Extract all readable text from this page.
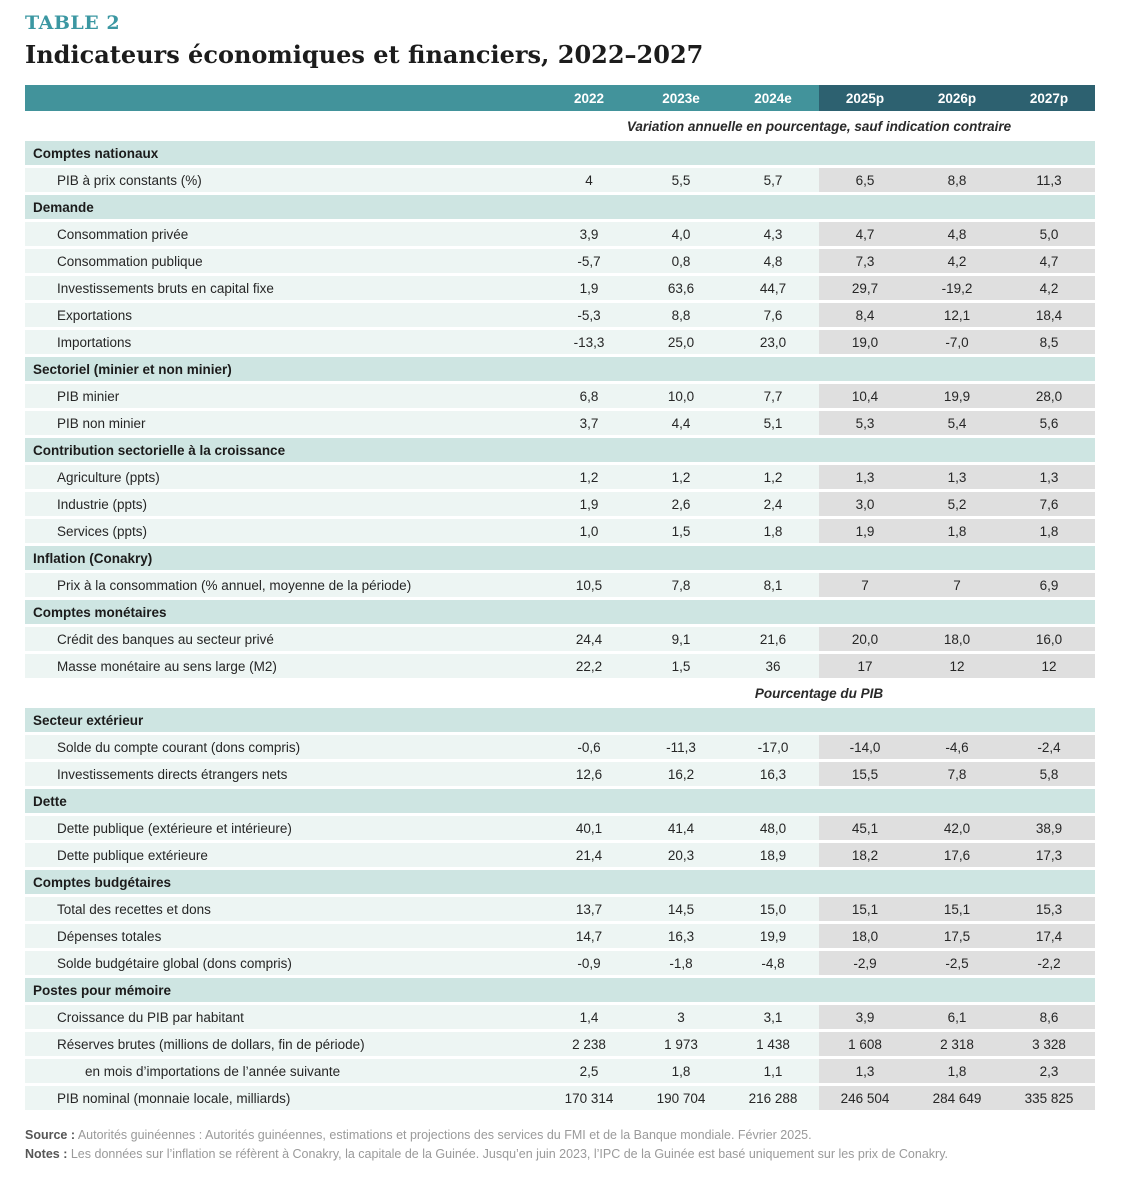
TABLE 2
Indicateurs économiques et financiers, 2022–2027
2022	2023e	2024e	2025p	2026p	2027p
Variation annuelle en pourcentage, sauf indication contraire
Comptes nationaux
PIB à prix constants (%)	4	5,5	5,7	6,5	8,8	11,3
Demande
Consommation privée	3,9	4,0	4,3	4,7	4,8	5,0
Consommation publique	-5,7	0,8	4,8	7,3	4,2	4,7
Investissements bruts en capital fixe	1,9	63,6	44,7	29,7	-19,2	4,2
Exportations	-5,3	8,8	7,6	8,4	12,1	18,4
Importations	-13,3	25,0	23,0	19,0	-7,0	8,5
Sectoriel (minier et non minier)
PIB minier	6,8	10,0	7,7	10,4	19,9	28,0
PIB non minier	3,7	4,4	5,1	5,3	5,4	5,6
Contribution sectorielle à la croissance
Agriculture (ppts)	1,2	1,2	1,2	1,3	1,3	1,3
Industrie (ppts)	1,9	2,6	2,4	3,0	5,2	7,6
Services (ppts)	1,0	1,5	1,8	1,9	1,8	1,8
Inflation (Conakry)
Prix à la consommation (% annuel, moyenne de la période)	10,5	7,8	8,1	7	7	6,9
Comptes monétaires
Crédit des banques au secteur privé	24,4	9,1	21,6	20,0	18,0	16,0
Masse monétaire au sens large (M2)	22,2	1,5	36	17	12	12
Pourcentage du PIB
Secteur extérieur
Solde du compte courant (dons compris)	-0,6	-11,3	-17,0	-14,0	-4,6	-2,4
Investissements directs étrangers nets	12,6	16,2	16,3	15,5	7,8	5,8
Dette
Dette publique (extérieure et intérieure)	40,1	41,4	48,0	45,1	42,0	38,9
Dette publique extérieure	21,4	20,3	18,9	18,2	17,6	17,3
Comptes budgétaires
Total des recettes et dons	13,7	14,5	15,0	15,1	15,1	15,3
Dépenses totales	14,7	16,3	19,9	18,0	17,5	17,4
Solde budgétaire global (dons compris)	-0,9	-1,8	-4,8	-2,9	-2,5	-2,2
Postes pour mémoire
Croissance du PIB par habitant	1,4	3	3,1	3,9	6,1	8,6
Réserves brutes (millions de dollars, fin de période)	2 238	1 973	1 438	1 608	2 318	3 328
en mois d’importations de l’année suivante	2,5	1,8	1,1	1,3	1,8	2,3
PIB nominal (monnaie locale, milliards)	170 314	190 704	216 288	246 504	284 649	335 825
Source : Autorités guinéennes : Autorités guinéennes, estimations et projections des services du FMI et de la Banque mondiale. Février 2025.
Notes : Les données sur l’inflation se réfèrent à Conakry, la capitale de la Guinée. Jusqu’en juin 2023, l’IPC de la Guinée est basé uniquement sur les prix de Conakry.
